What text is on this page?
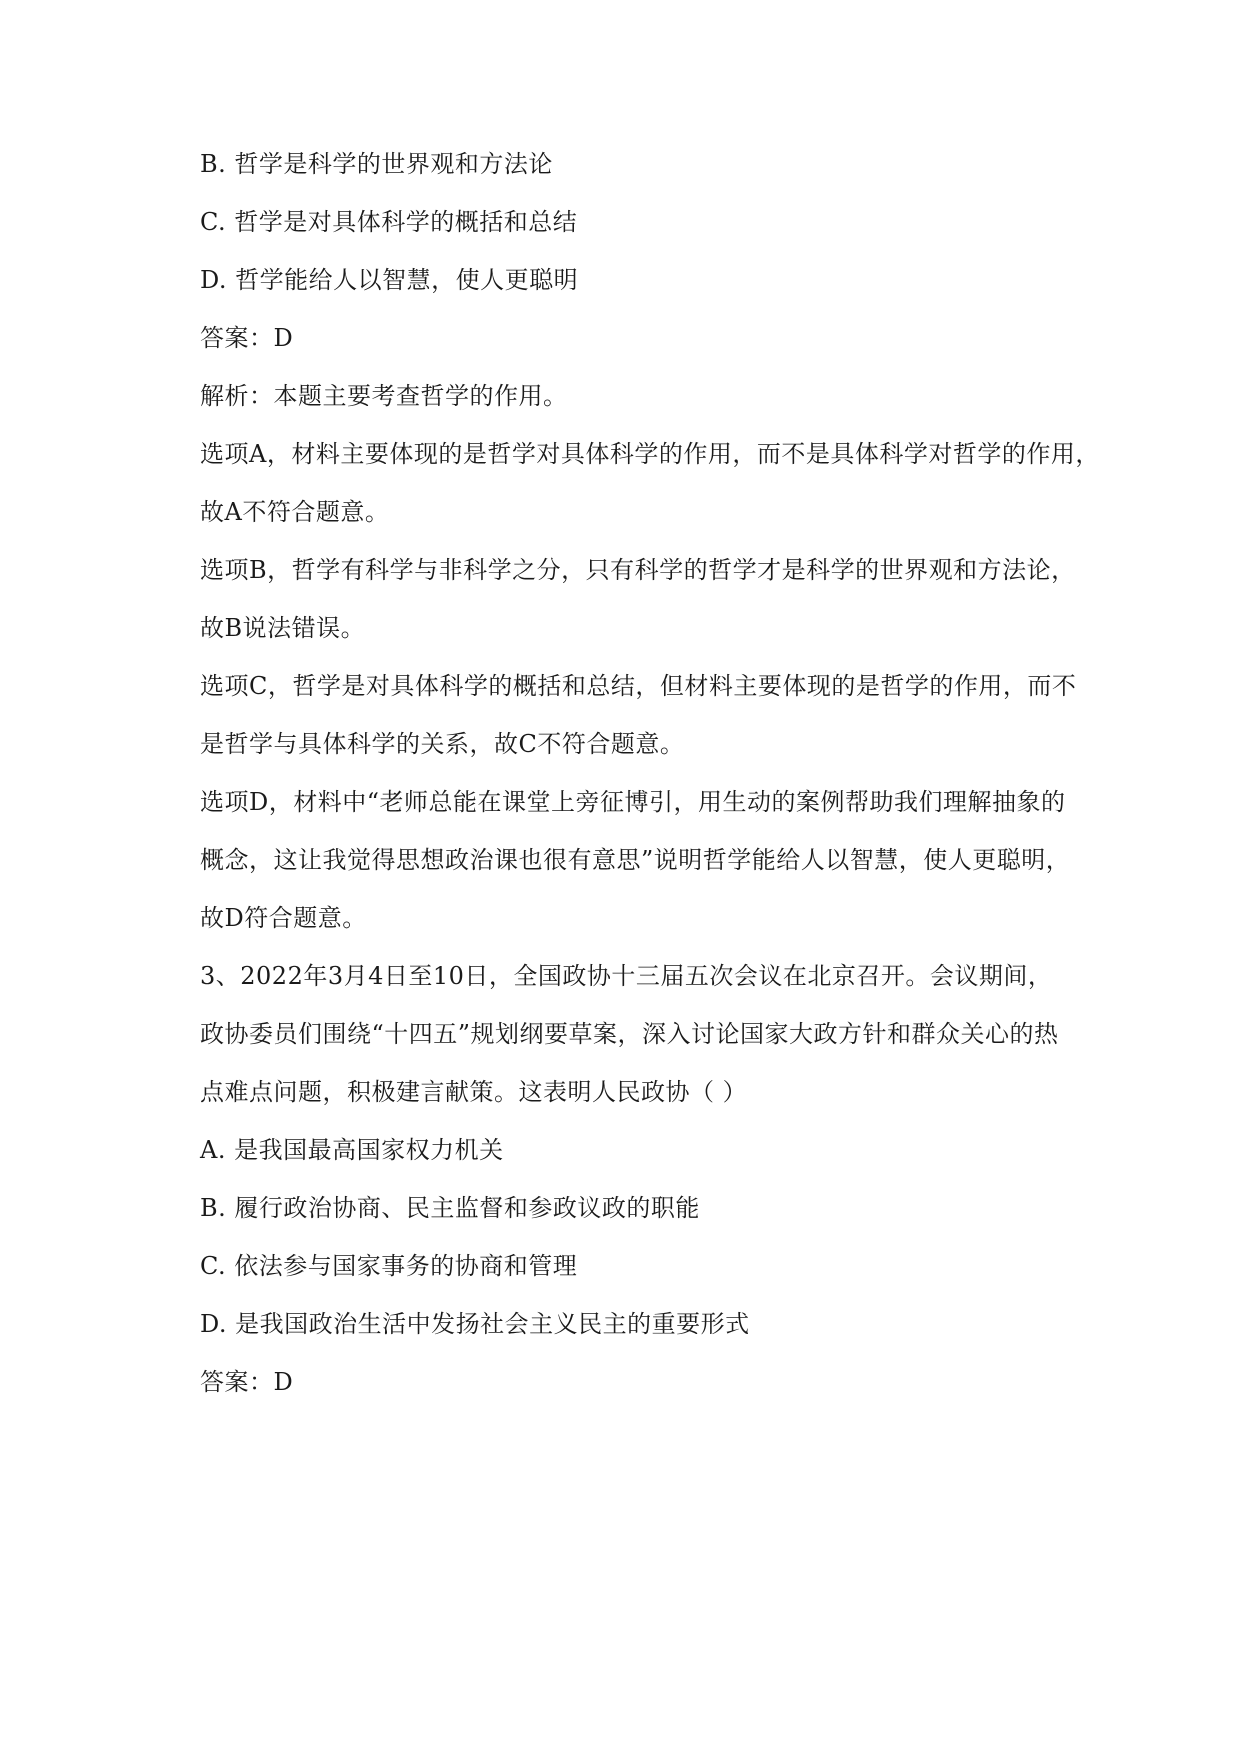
B. 哲学是科学的世界观和方法论
C. 哲学是对具体科学的概括和总结
D. 哲学能给人以智慧，使人更聪明
答案：D
解析：本题主要考查哲学的作用。
选项A，材料主要体现的是哲学对具体科学的作用，而不是具体科学对哲学的作用，
故A不符合题意。
选项B，哲学有科学与非科学之分，只有科学的哲学才是科学的世界观和方法论，
故B说法错误。
选项C，哲学是对具体科学的概括和总结，但材料主要体现的是哲学的作用，而不
是哲学与具体科学的关系，故C不符合题意。
选项D，材料中“老师总能在课堂上旁征博引，用生动的案例帮助我们理解抽象的
概念，这让我觉得思想政治课也很有意思”说明哲学能给人以智慧，使人更聪明，
故D符合题意。
3、2022年3月4日至10日，全国政协十三届五次会议在北京召开。会议期间，
政协委员们围绕“十四五”规划纲要草案，深入讨论国家大政方针和群众关心的热
点难点问题，积极建言献策。这表明人民政协（ ）
A. 是我国最高国家权力机关
B. 履行政治协商、民主监督和参政议政的职能
C. 依法参与国家事务的协商和管理
D. 是我国政治生活中发扬社会主义民主的重要形式
答案：D
